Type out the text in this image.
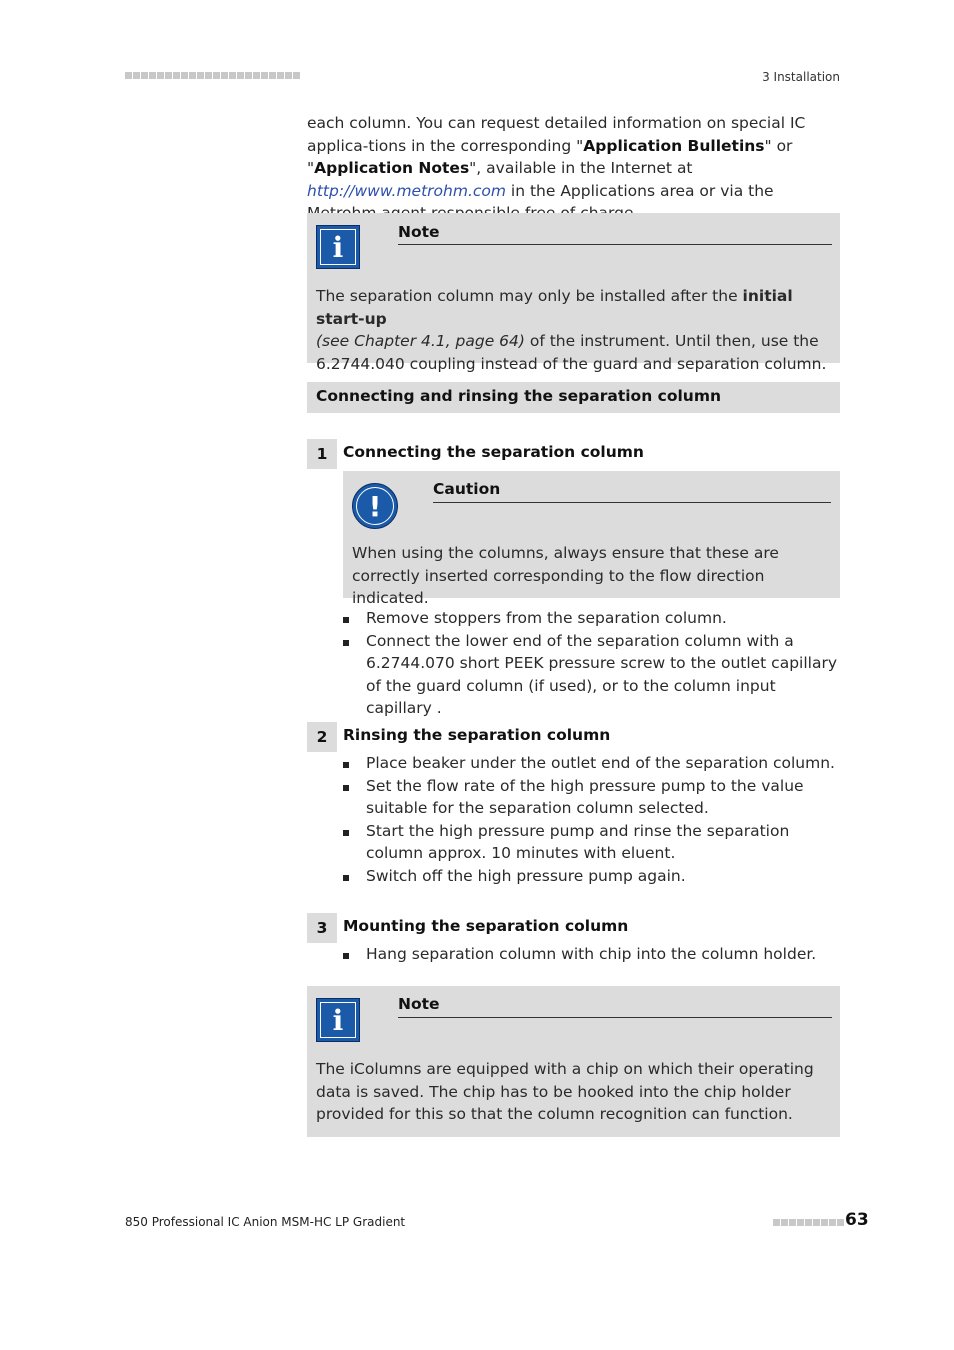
3 Installation
each column. You can request detailed information on special IC applica-tions in the corresponding "Application Bulletins" or "Application Notes", available in the Internet at http://www.metrohm.com in the Applications area or via the
i	Note
The separation column may only be installed after the initial start-up
(see Chapter 4.1, page 64) of the instrument. Until then, use the 6.2744.040 coupling instead of the guard and separation column.
Connecting and rinsing the separation column
1	Connecting the separation column
!
Caution
When using the columns, always ensure that these are correctly inserted corresponding to the flow direction indicated.
Remove stoppers from the separation column.
Connect the lower end of the separation column with a 6.2744.070 short PEEK pressure screw to the outlet capillary of the guard column (if used), or to the column input capillary .
2	Rinsing the separation column
Place beaker under the outlet end of the separation column.
Set the flow rate of the high pressure pump to the value suitable for the separation column selected.
Start the high pressure pump and rinse the separation column approx. 10 minutes with eluent.
Switch off the high pressure pump again.
3	Mounting the separation column
Hang separation column with chip into the column holder.
i	Note
The iColumns are equipped with a chip on which their operating data is saved. The chip has to be hooked into the chip holder provided for this so that the column recognition can function.
850 Professional IC Anion MSM-HC LP Gradient	63
